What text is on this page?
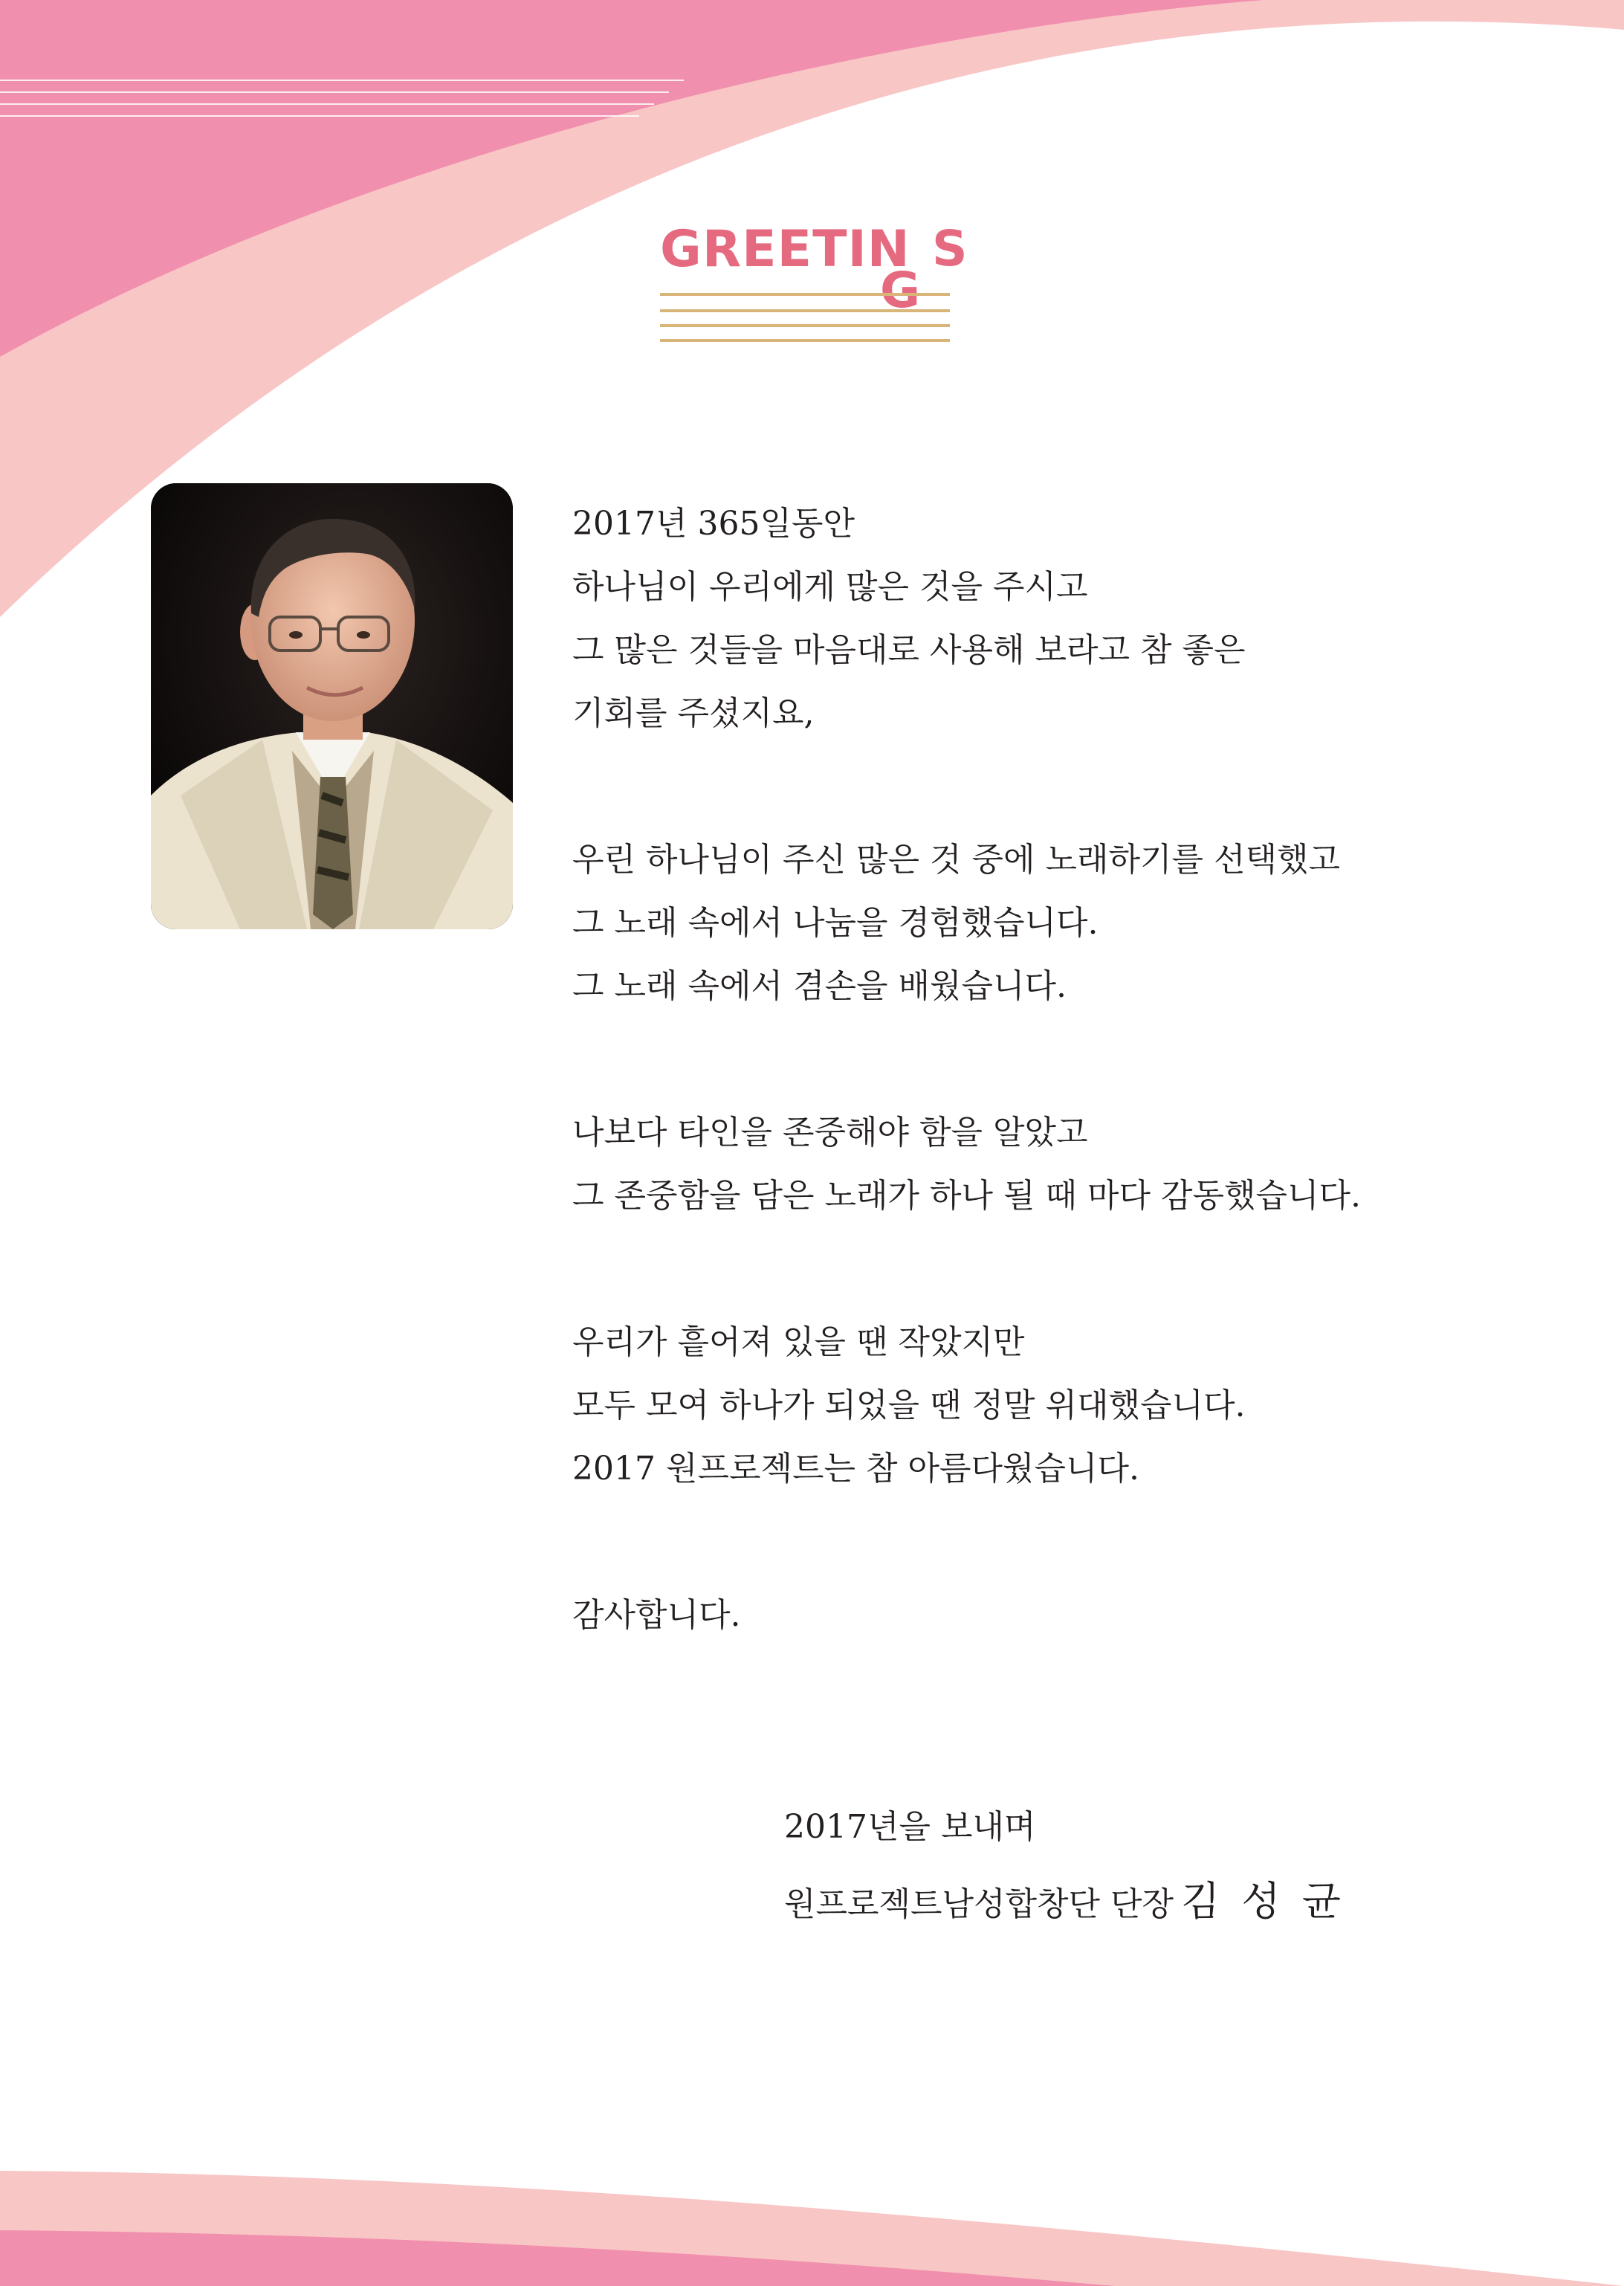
GREETIN
G
S
2017년 365일동안
하나님이 우리에게 많은 것을 주시고
그 많은 것들을 마음대로 사용해 보라고 참 좋은
기회를 주셨지요,
우린 하나님이 주신 많은 것 중에 노래하기를 선택했고
그 노래 속에서 나눔을 경험했습니다.
그 노래 속에서 겸손을 배웠습니다.
나보다 타인을 존중해야 함을 알았고
그 존중함을 담은 노래가 하나 될 때 마다 감동했습니다.
우리가 흩어져 있을 땐 작았지만
모두 모여 하나가 되었을 땐 정말 위대했습니다.
2017 원프로젝트는 참 아름다웠습니다.
감사합니다.
2017년을 보내며
원프로젝트남성합창단 단장 김 성 균
